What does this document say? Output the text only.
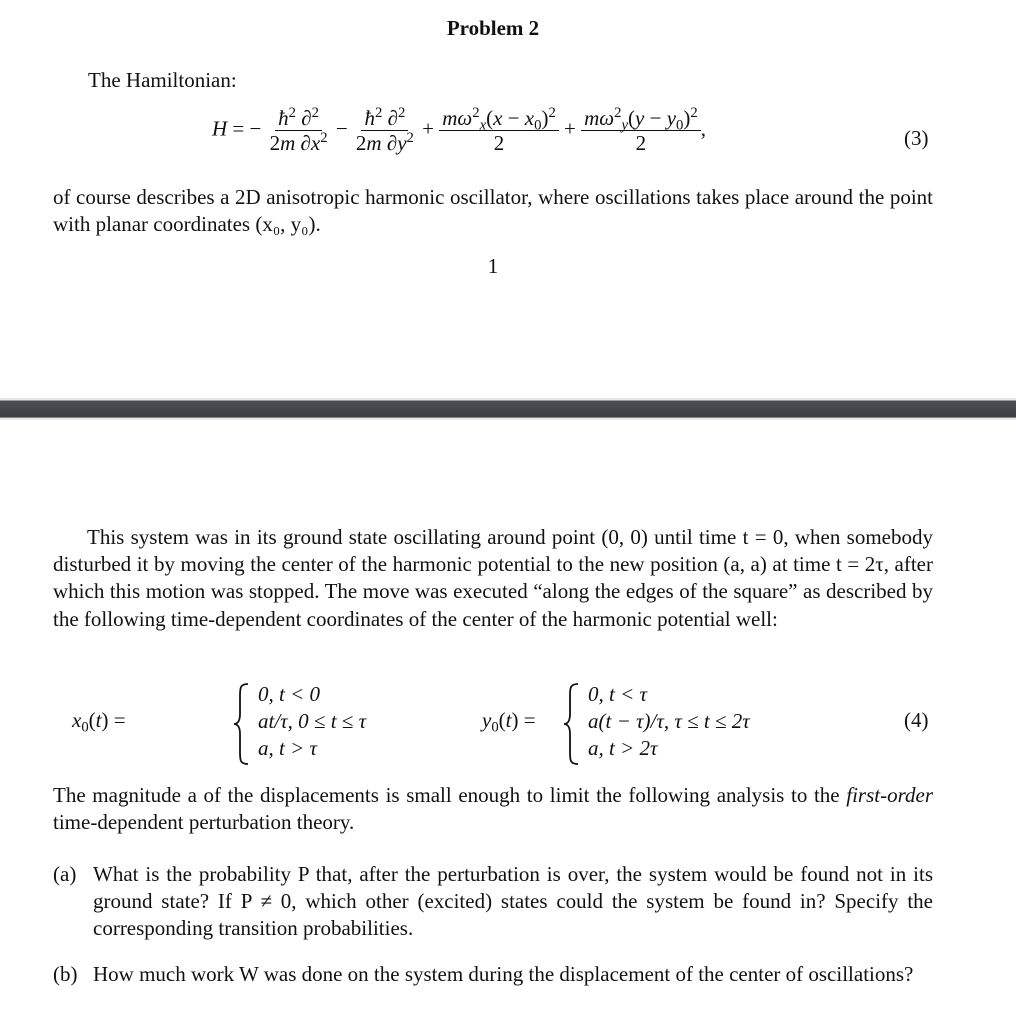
Problem 2
The Hamiltonian:
H = − $\frac{ħ^2 \partial^2}{2m \partial x^2} - \frac{ħ^2 \partial^2}{2m \partial y^2} + \frac{m\omega^2_x(x - x_0)^2}{2} + \frac{m\omega^2_y(y - y_0)^2}{2}$ ,	(3)
of course describes a 2D anisotropic harmonic oscillator, where oscillations takes place around the point with planar coordinates (x₀, y₀).
1
This system was in its ground state oscillating around point (0, 0) until time t = 0, when somebody disturbed it by moving the center of the harmonic potential to the new position (a, a) at time t = 2τ, after which this motion was stopped. The move was executed “along the edges of the square” as described by the following time-dependent coordinates of the center of the harmonic potential well:
$x_0(t)$ =
0, t < 0
at/τ, 0 ≤ t ≤ τ
a, t > τ
$y_0(t)$ =
0, t < τ
a(t − τ)/τ, τ ≤ t ≤ 2τ
a, t > 2τ
(4)
The magnitude a of the displacements is small enough to limit the following analysis to the first-order time-dependent perturbation theory.
(a) What is the probability P that, after the perturbation is over, the system would be found not in its ground state? If P ≠ 0, which other (excited) states could the system be found in? Specify the corresponding transition probabilities.
(b) How much work W was done on the system during the displacement of the center of oscillations?
